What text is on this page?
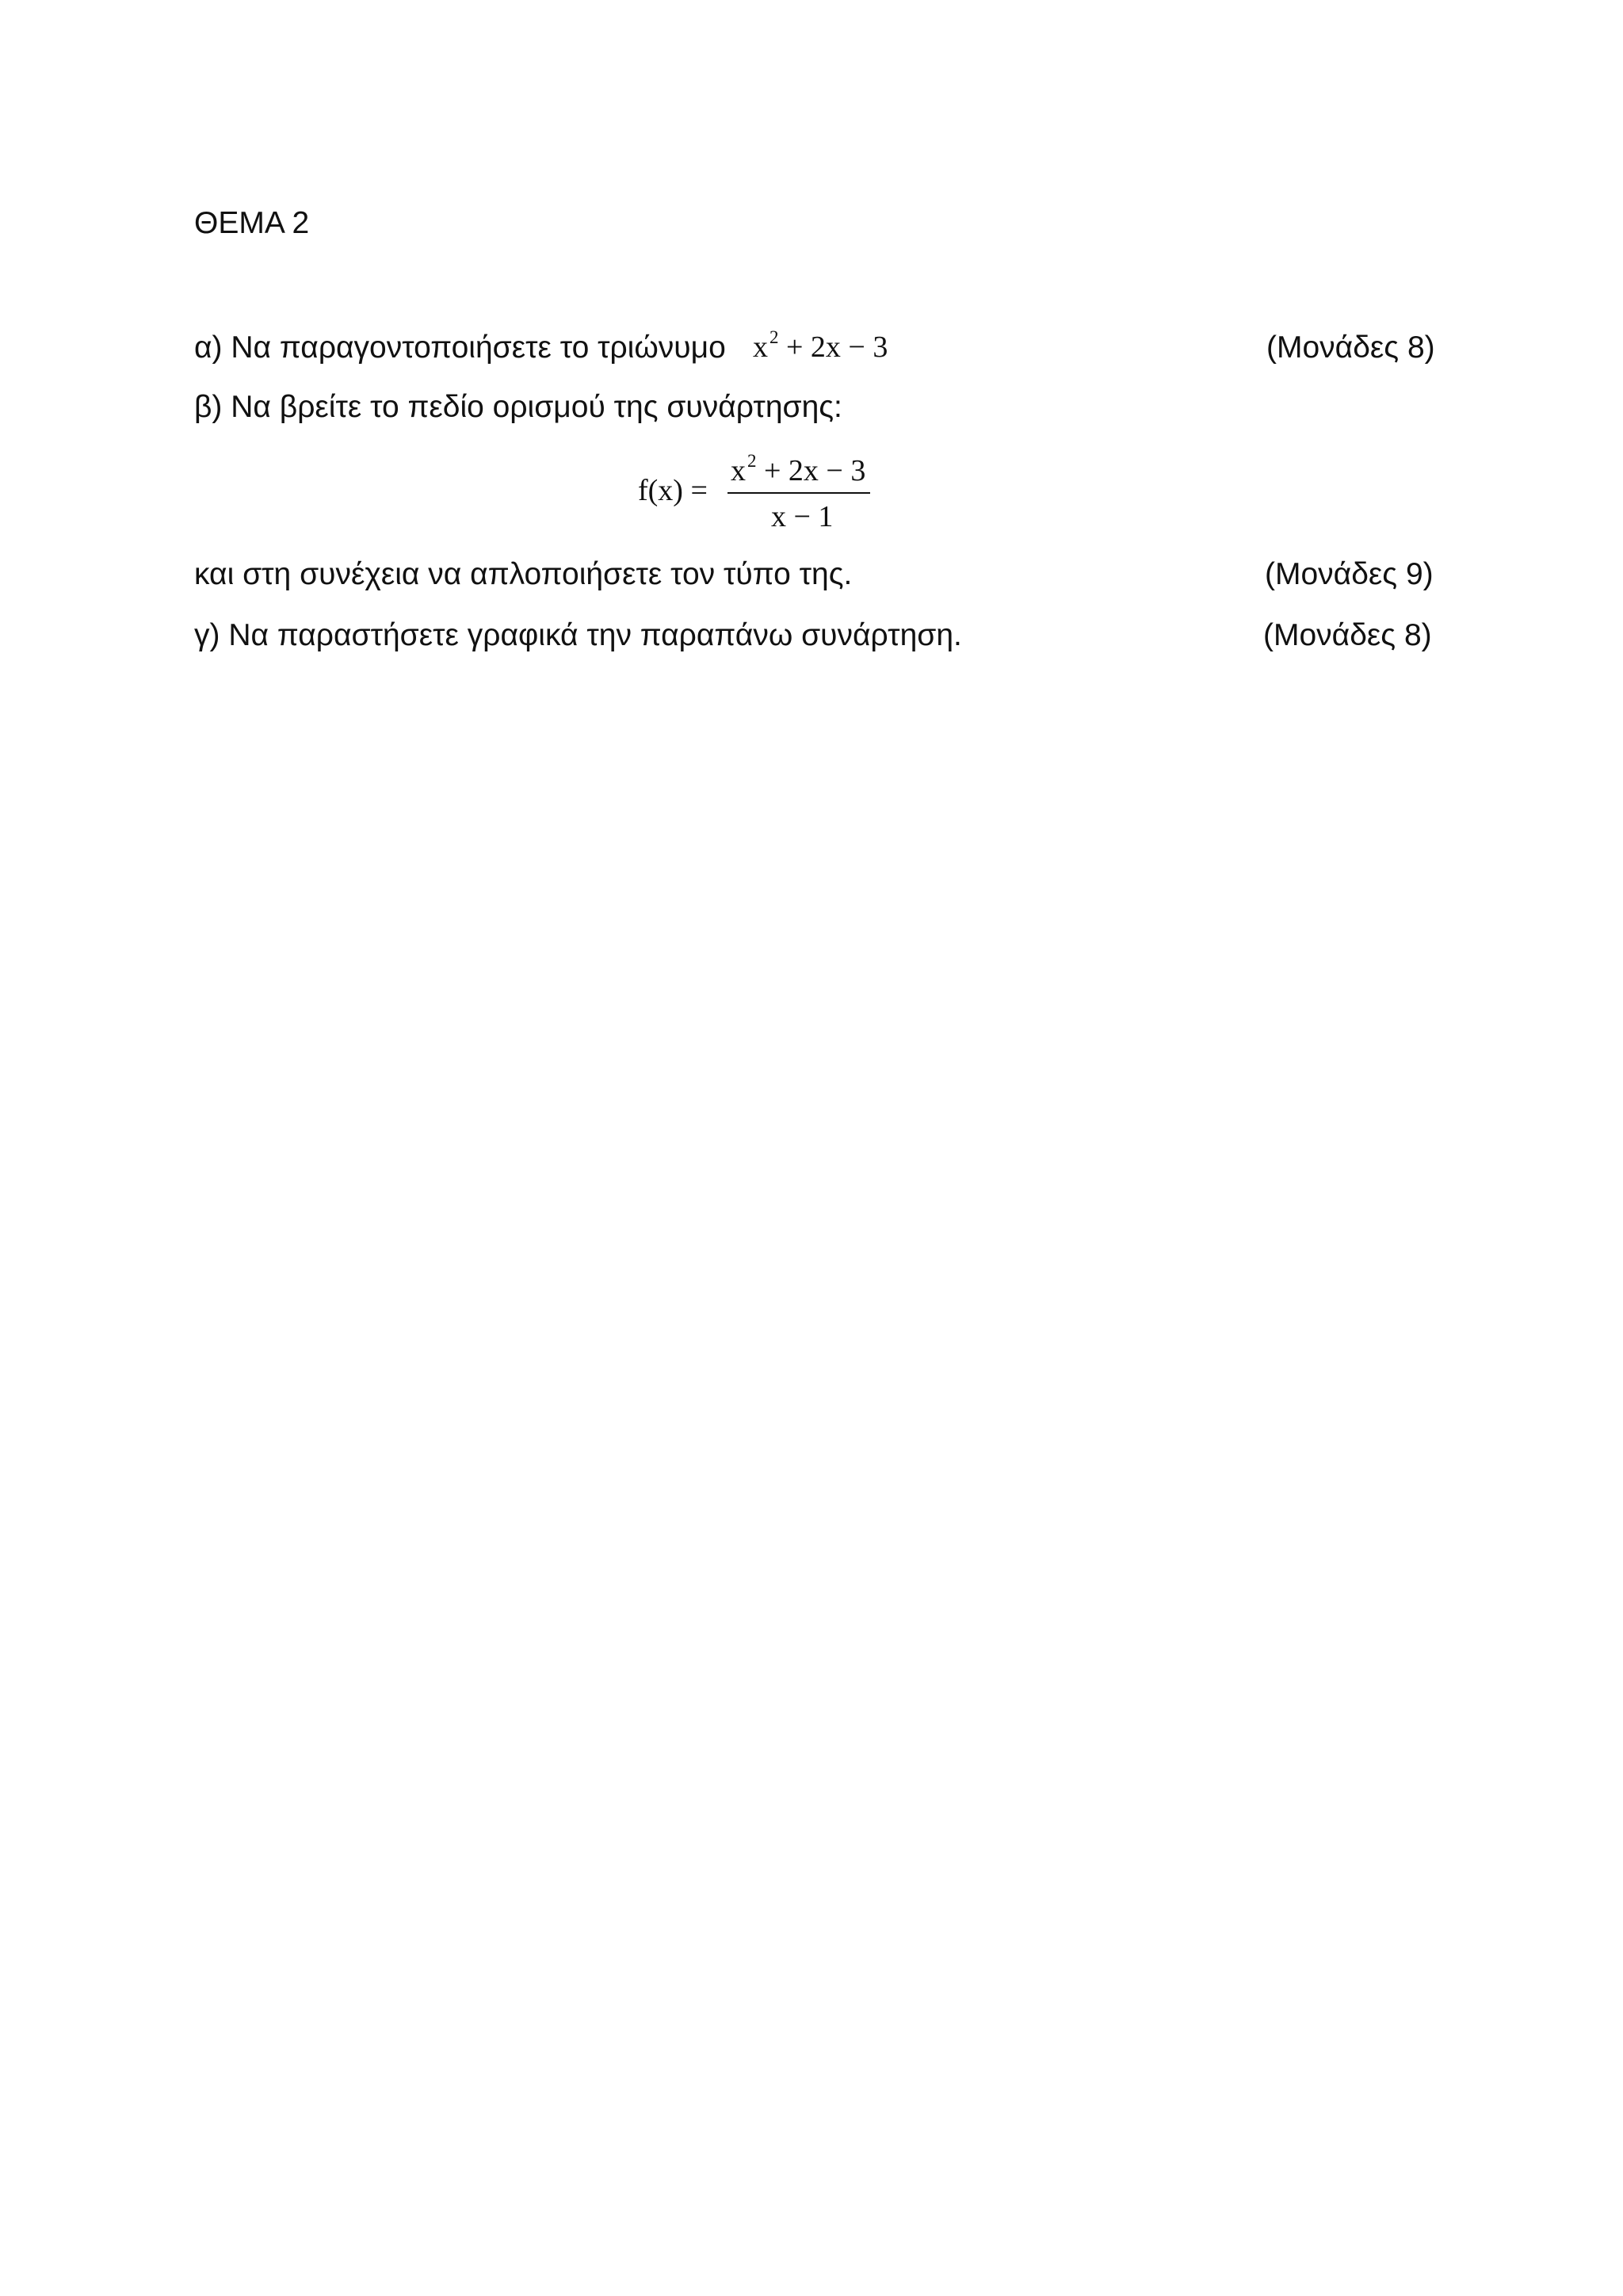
ΘΕΜΑ 2
α) Να παραγοντοποιήσετε το τριώνυμο $x^2 + 2x - 3$	(Μονάδες 8)
β) Να βρείτε το πεδίο ορισμού της συνάρτησης:
f(x) =
$x^2 + 2x - 3$
x − 1
και στη συνέχεια να απλοποιήσετε τον τύπο της.	(Μονάδες 9)
γ) Να παραστήσετε γραφικά την παραπάνω συνάρτηση.	(Μονάδες 8)
